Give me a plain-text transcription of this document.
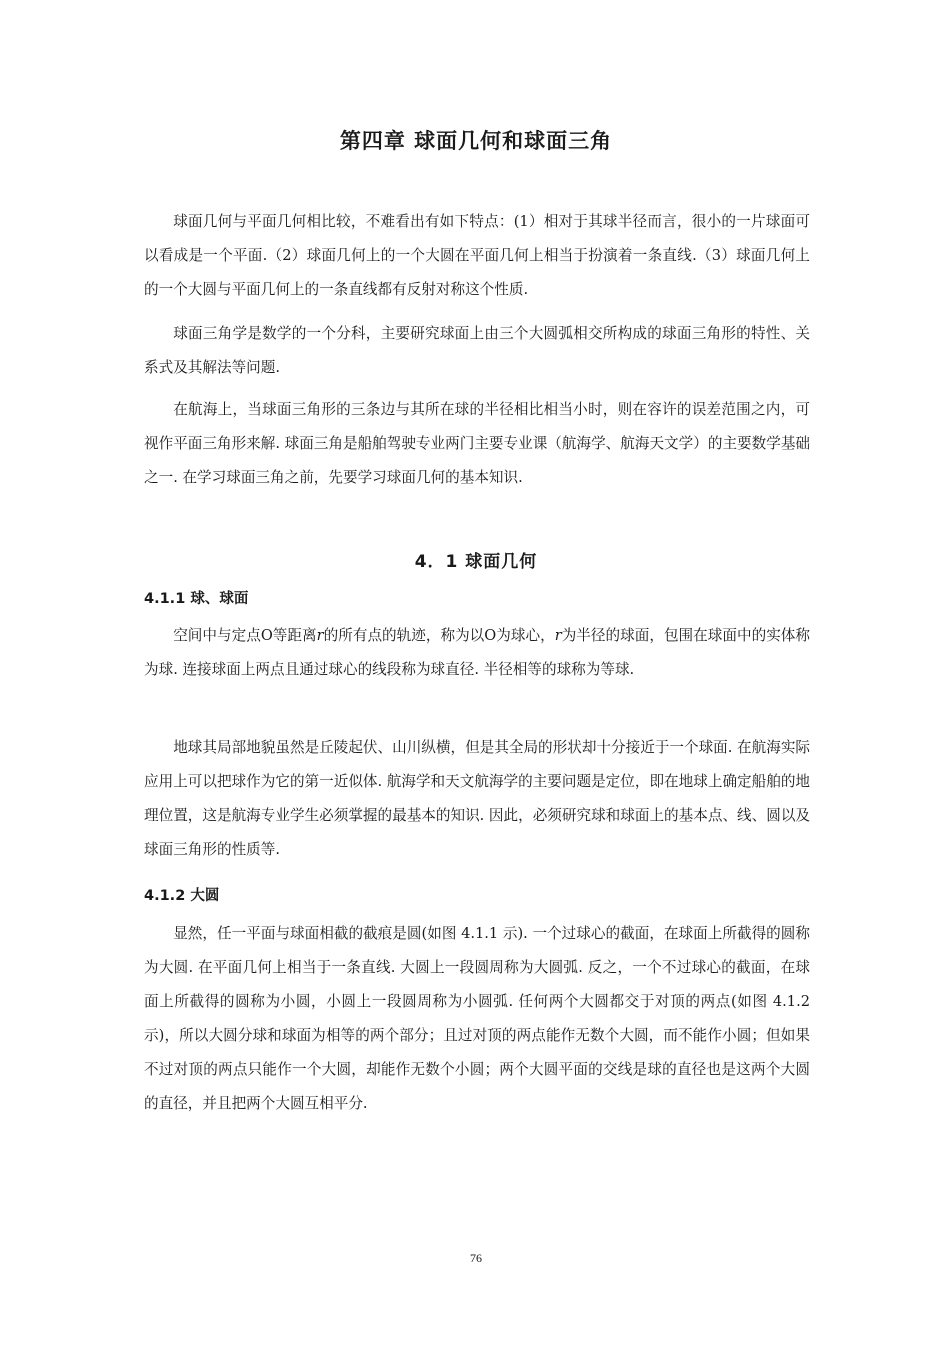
第四章 球面几何和球面三角

球面几何与平面几何相比较，不难看出有如下特点：(1）相对于其球半径而言，很小的一片球面可以看成是一个平面.（2）球面几何上的一个大圆在平面几何上相当于扮演着一条直线.（3）球面几何上的一个大圆与平面几何上的一条直线都有反射对称这个性质.

球面三角学是数学的一个分科，主要研究球面上由三个大圆弧相交所构成的球面三角形的特性、关系式及其解法等问题.

在航海上，当球面三角形的三条边与其所在球的半径相比相当小时，则在容许的误差范围之内，可视作平面三角形来解. 球面三角是船舶驾驶专业两门主要专业课（航海学、航海天文学）的主要数学基础之一. 在学习球面三角之前，先要学习球面几何的基本知识.

4．1 球面几何
4.1.1 球、球面

空间中与定点O等距离r的所有点的轨迹，称为以O为球心，r为半径的球面，包围在球面中的实体称为球. 连接球面上两点且通过球心的线段称为球直径. 半径相等的球称为等球.

地球其局部地貌虽然是丘陵起伏、山川纵横，但是其全局的形状却十分接近于一个球面. 在航海实际应用上可以把球作为它的第一近似体. 航海学和天文航海学的主要问题是定位，即在地球上确定船舶的地理位置，这是航海专业学生必须掌握的最基本的知识. 因此，必须研究球和球面上的基本点、线、圆以及球面三角形的性质等.

4.1.2 大圆

显然，任一平面与球面相截的截痕是圆(如图 4.1.1 示). 一个过球心的截面，在球面上所截得的圆称为大圆. 在平面几何上相当于一条直线. 大圆上一段圆周称为大圆弧. 反之，一个不过球心的截面，在球面上所截得的圆称为小圆，小圆上一段圆周称为小圆弧. 任何两个大圆都交于对顶的两点(如图 4.1.2 示)，所以大圆分球和球面为相等的两个部分；且过对顶的两点能作无数个大圆，而不能作小圆；但如果不过对顶的两点只能作一个大圆，却能作无数个小圆；两个大圆平面的交线是球的直径也是这两个大圆的直径，并且把两个大圆互相平分.

76
